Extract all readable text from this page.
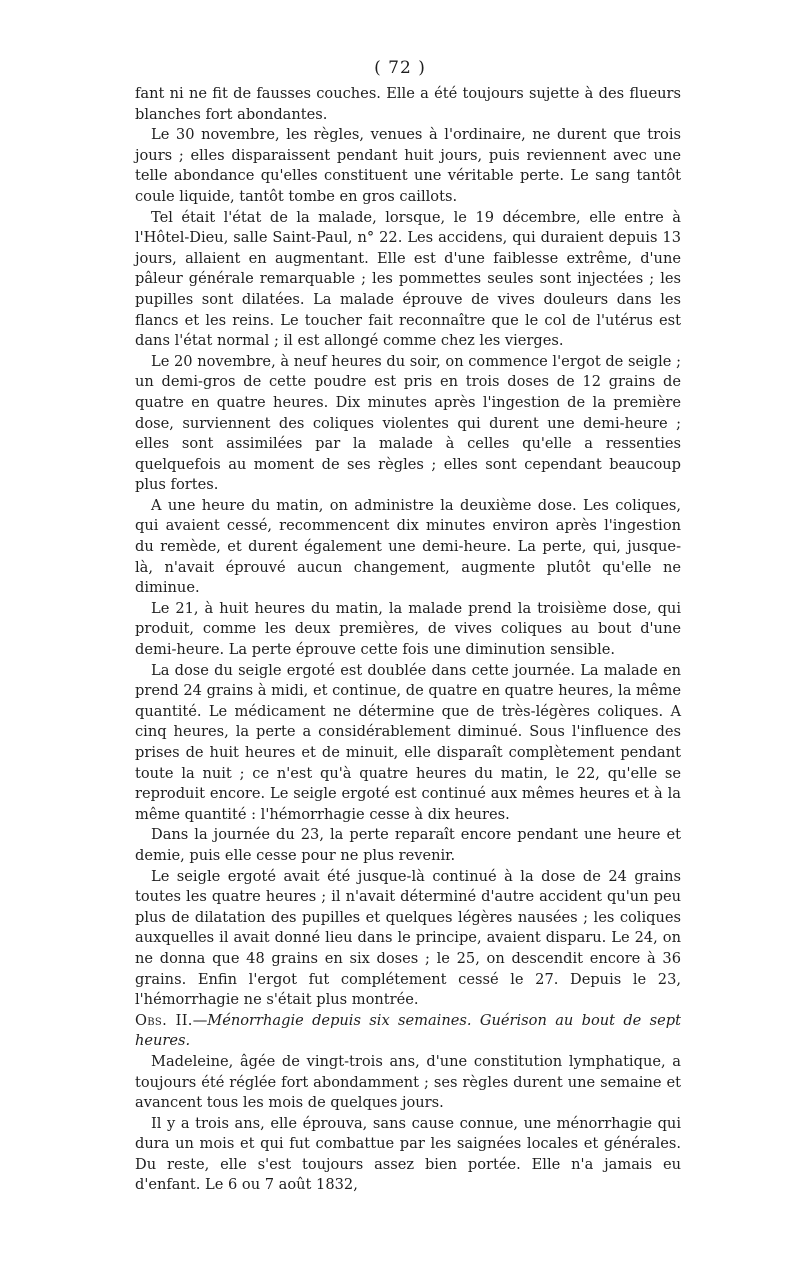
( 72 )

fant ni ne fit de fausses couches. Elle a été toujours sujette à des flueurs blanches fort abondantes.

Le 30 novembre, les règles, venues à l'ordinaire, ne durent que trois jours ; elles disparaissent pendant huit jours, puis reviennent avec une telle abondance qu'elles constituent une véritable perte. Le sang tantôt coule liquide, tantôt tombe en gros caillots.

Tel était l'état de la malade, lorsque, le 19 décembre, elle entre à l'Hôtel-Dieu, salle Saint-Paul, n° 22. Les accidens, qui duraient depuis 13 jours, allaient en augmentant. Elle est d'une faiblesse extrême, d'une pâleur générale remarquable ; les pommettes seules sont injectées ; les pupilles sont dilatées. La malade éprouve de vives douleurs dans les flancs et les reins. Le toucher fait reconnaître que le col de l'utérus est dans l'état normal ; il est allongé comme chez les vierges.

Le 20 novembre, à neuf heures du soir, on commence l'ergot de seigle ; un demi-gros de cette poudre est pris en trois doses de 12 grains de quatre en quatre heures. Dix minutes après l'ingestion de la première dose, surviennent des coliques violentes qui durent une demi-heure ; elles sont assimilées par la malade à celles qu'elle a ressenties quelquefois au moment de ses règles ; elles sont cependant beaucoup plus fortes.

A une heure du matin, on administre la deuxième dose. Les coliques, qui avaient cessé, recommencent dix minutes environ après l'ingestion du remède, et durent également une demi-heure. La perte, qui, jusque-là, n'avait éprouvé aucun changement, augmente plutôt qu'elle ne diminue.

Le 21, à huit heures du matin, la malade prend la troisième dose, qui produit, comme les deux premières, de vives coliques au bout d'une demi-heure. La perte éprouve cette fois une diminution sensible.

La dose du seigle ergoté est doublée dans cette journée. La malade en prend 24 grains à midi, et continue, de quatre en quatre heures, la même quantité. Le médicament ne détermine que de très-légères coliques. A cinq heures, la perte a considérablement diminué. Sous l'influence des prises de huit heures et de minuit, elle disparaît complètement pendant toute la nuit ; ce n'est qu'à quatre heures du matin, le 22, qu'elle se reproduit encore. Le seigle ergoté est continué aux mêmes heures et à la même quantité : l'hémorrhagie cesse à dix heures.

Dans la journée du 23, la perte reparaît encore pendant une heure et demie, puis elle cesse pour ne plus revenir.

Le seigle ergoté avait été jusque-là continué à la dose de 24 grains toutes les quatre heures ; il n'avait déterminé d'autre accident qu'un peu plus de dilatation des pupilles et quelques légères nausées ; les coliques auxquelles il avait donné lieu dans le principe, avaient disparu. Le 24, on ne donna que 48 grains en six doses ; le 25, on descendit encore à 36 grains. Enfin l'ergot fut complétement cessé le 27. Depuis le 23, l'hémorrhagie ne s'était plus montrée.

Obs. II.—Ménorrhagie depuis six semaines. Guérison au bout de sept heures.

Madeleine, âgée de vingt-trois ans, d'une constitution lymphatique, a toujours été réglée fort abondamment ; ses règles durent une semaine et avancent tous les mois de quelques jours.

Il y a trois ans, elle éprouva, sans cause connue, une ménorrhagie qui dura un mois et qui fut combattue par les saignées locales et générales. Du reste, elle s'est toujours assez bien portée. Elle n'a jamais eu d'enfant. Le 6 ou 7 août 1832,
